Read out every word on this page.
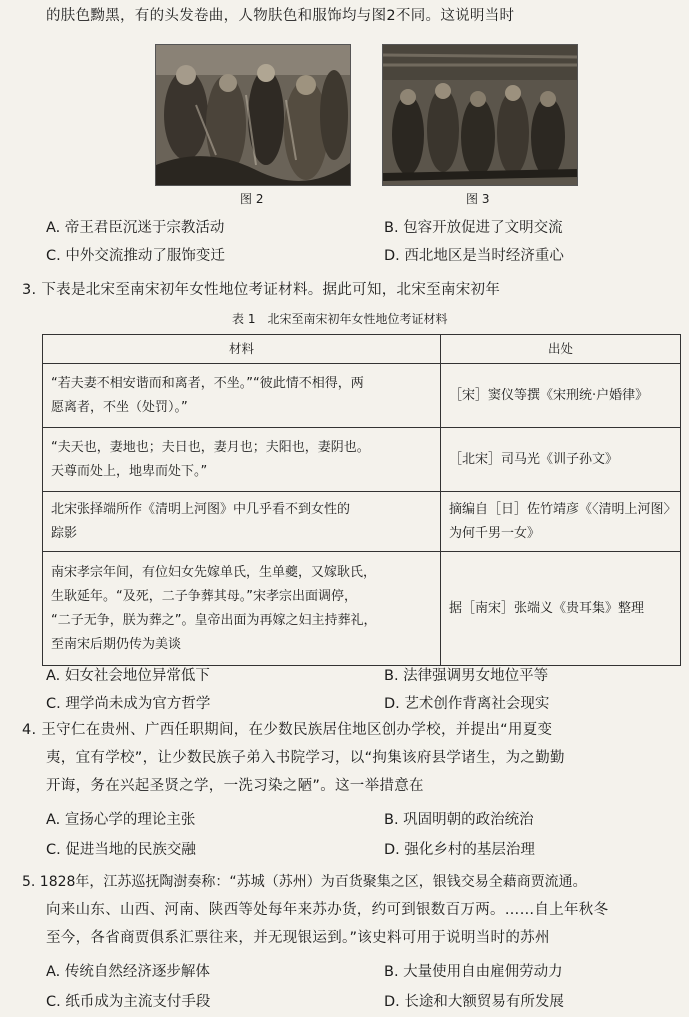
的肤色黝黑，有的头发卷曲，人物肤色和服饰均与图2不同。这说明当时
图 2	图 3
A. 帝王君臣沉迷于宗教活动	B. 包容开放促进了文明交流
C. 中外交流推动了服饰变迁	D. 西北地区是当时经济重心
3. 下表是北宋至南宋初年女性地位考证材料。据此可知，北宋至南宋初年
表 1　北宋至南宋初年女性地位考证材料
材料	出处

“若夫妻不相安谐而和离者，不坐。”“彼此情不相得，两
愿离者，不坐（处罚）。”	［宋］窦仪等撰《宋刑统·户婚律》

“夫天也，妻地也；夫日也，妻月也；夫阳也，妻阴也。
天尊而处上，地卑而处下。”	［北宋］司马光《训子孙文》

北宋张择端所作《清明上河图》中几乎看不到女性的
踪影	摘编自［日］佐竹靖彦《〈清明上河图〉为何千男一女》

南宋孝宗年间，有位妇女先嫁单氏，生单夔，又嫁耿氏，
生耿延年。“及死，二子争葬其母。”宋孝宗出面调停，
“二子无争，朕为葬之”。皇帝出面为再嫁之妇主持葬礼，
至南宋后期仍传为美谈	据［南宋］张端义《贵耳集》整理
A. 妇女社会地位异常低下	B. 法律强调男女地位平等
C. 理学尚未成为官方哲学	D. 艺术创作背离社会现实
4. 王守仁在贵州、广西任职期间，在少数民族居住地区创办学校，并提出“用夏变
夷，宜有学校”，让少数民族子弟入书院学习，以“拘集该府县学诸生，为之勤勤
开诲，务在兴起圣贤之学，一洗习染之陋”。这一举措意在
A. 宣扬心学的理论主张	B. 巩固明朝的政治统治
C. 促进当地的民族交融	D. 强化乡村的基层治理
5. 1828年，江苏巡抚陶澍奏称：“苏城（苏州）为百货聚集之区，银钱交易全藉商贾流通。
向来山东、山西、河南、陕西等处每年来苏办货，约可到银数百万两。……自上年秋冬
至今，各省商贾俱系汇票往来，并无现银运到。”该史料可用于说明当时的苏州
A. 传统自然经济逐步解体	B. 大量使用自由雇佣劳动力
C. 纸币成为主流支付手段	D. 长途和大额贸易有所发展
